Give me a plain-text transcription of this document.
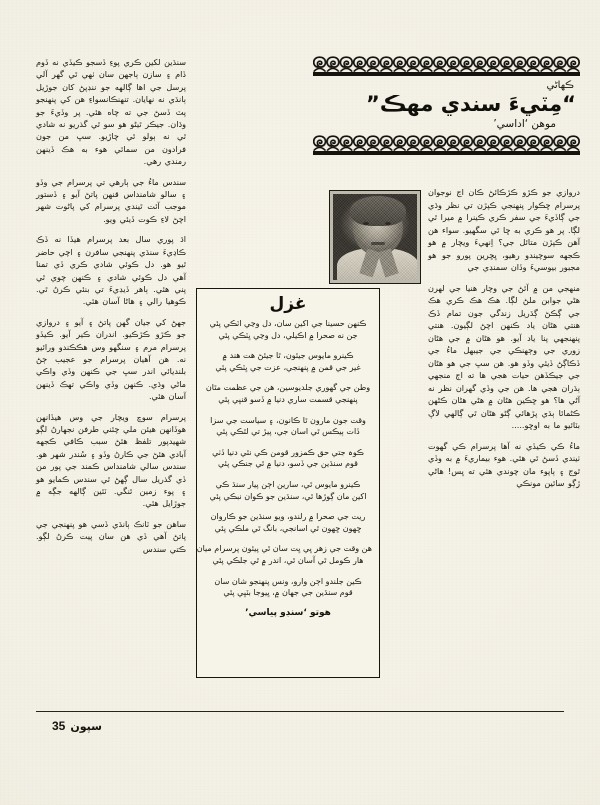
سنڌين لکين ڪري پوءِ ڏسجو ڪيڏي نه ڏوم ڏام ۽ سازن ٻاجهن سان ٺهي ٿي گهر آلي پرسل جي اها ڳالهه جو ننڊپڻ کان جوڙيل ٻانڌي نه نهايان. تنهنڪانسواءِ هن کي پنهنجو پٽ ڏسڻ جي ته چاه هئي. پر وڏيءَ جو وڌان. جيڪر ٿيڻو هو سو ٿي گذريو نه شادي ٿي نه ٻولو ٿي چاڙيو. سڀ من جون فرادون من سمائي هوء به هڪ ڏينهن رمندي رهي.

سندس ماءُ جي ٻارهي تي پرسرام جي وڏو ۽ سالو شامنداس قنهن پاتڻ آيو ۽ ڏستور موجب آئت ٿيندي پرسرام کي پاڻوت شهر اچڻ لاءِ ڪوت ڏيئي ويو.

اڌ پوري سال بعد پرسرام هيڏا نه ڏڪ ڪاڍيءَ سنڌي پنهنجي سافرن ۽ اچي حاضر ٿيو هو. دل ڪوئي شادي ڪري ڏي تمنا آهي دل ڪوئي شادي ۽ ڪنهن چوي ٿي پني هئي. ٻاهر ڏيڊيءَ تي بنئي ڪرڻ ٿي. ڪوهيا رالي ۽ هاڻا آسان هئي.

جهڻ کي جيان گهن پاتڻ ۽ آيو ۽ دروازي جو ڪڙو ڪڙڪيو. اندران ڪير آيو. ڪيڏو پرسرام مرم ۽ سنگهو وس هڪڪندو ورائيو نه. هن آهيان پرسرام جو عجيب ڄڻ بلنديائي اندر سڀ جي ڪنهن وڏي واڪي ماڻي وڌي. ڪنهن وڏي واڪي تهڪ ڏينهن آسان هئي.

پرسرام سوچ ويچار جي وس هيڏانهن هوڏانهن هيئن ملي چئني طرفن نجهارڻ لڳو شهيدپور تلفظ هئڻ سبب ڪافي ڪجهه آبادي هئڻ جي ڪارڻ وڏو ۽ سُندر شهر هو. سندس سالي شامنداس ڪمند جي پور من ڏي گذريل سال ڳهڻ ٿي سندس ڪمايو هو ۽ پوء زمين ٿنگي. ٽئين ڳالهه جڳه ۾ جوڙايل هئي.

ساهن جو ٽانڪ ٻانڌي ڏسي هو پنهنجي جي پاتڻ آهي ڏي هن سان پيت ڪرڻ لڳو. ڪتي سندس

ڪهاڻي
“مِٽيءَ سندي مهڪ”
موهن ‘اداسي’
غزل
ڪنهن حسينا جي اکين سان، دل وڃي اٽڪي پئي
جن نه صحرا ۾ اڪيلي، دل وڃي ڀٽڪي پئي
ڪينرو مايوس جيئون، ٿا جيئڻ هت هند ۾
غير جي قمن ۾ پنهنجي، عزت جي ڀٽڪي پئي
وطن جي گهوري جلديوسين، هن جي عظمت مٿان
پنهنجي قسمت ساري دنيا ۾ ڏسو قنڀي پئي
وقت جون مارون ٿا ڪانون، ۽ سياست جي سزا
ڏات ٻيڪس ٿي اسان جي، پيڙ تي لٿڪي پئي
ڪوہ جتي حق ڪمزور قومن ڪي نئي دنيا ڏٺي
قوم سنڌين جي ڏسو، دنيا ۾ ٿي جنڪي پئي
ڪينرو مايوس ٿي، سارين اڄن پيار سنڌ ڪي
اکين مان ڳوڙها ٿي، سنڌين جو ڪوان نبڪي پئي
ريت جي صحرا ۾ رلندو، ويو سنڌين جو ڪاروان
ڇهون ڇهون ٿي اسانجي، بانگ ٿي ملڪي پئي
هن وقت جي زهر ڀي ڀت سان ٿي پيئون پرسرام ميان
هار ڪومل ٿي آسان ٿي، اندر ۾ ٿي جلڪي پئي
ڪين جلندو اڄن وارو، ونس پنهنجو شان سان
قوم سنڌين جي جهان ۾، ڀيوجا بٽڀي پئي
هوتو ‘سنڊو پياسي’

دروازي جو ڪڙو ڪڙڪائڻ ڪان اڃ نوجوان پرسرام ڇڪوار پنهنجي ڪپڙن تي نظر وڌي جي ڳاڏيءَ جي سفر ڪري ڪينرا ۾ ميرا ٿي لڳا. پر هو ڪري به ڇا ٿي سگهيو. سواء هن آهن ڪپڙن متائل جي؟ اِنهيءَ ويچار ۾ هو ڪجهه سوچيندو رهيو، ڀڇرين پورو جو هو مجبور بيوسيءَ وڏان سمنڊي جي

منهجي من ۾ آئڻ جي وچار هنيا جي لهرن هڻي جوابن ملڻ لڳا. هڪ هڪ ڪري هڪ جي ڳڪڻ ڳڌريل زندگي جون تمام ڏڪ هنتي هڻان ياد ڪنهن اچڻ لڳيون. هنتي پنهنجهي پنا ياد آيو. هو هڻان ۾ جي هڻان زوري جي وڄهنڪي جي جيبهل ماءُ جي ڏڪاڳڻ ڏيئي وڏو هو. هن سڀ جي هو هڻان جي جيڪڏهن حيات هجي ها ته اڄ منجهي ٻڌران هجي ها. هن جي وڏي گهران نظر نه آڻي ها؟ هو ڇڪين هڻان ۾ هڻي هڻان ڪڻهن ڪڻمائا ٻڌي پڙهائي ڳڻو هڻان ٿي ڳالهي لاڳ بٽائيو ما به اوڇو.....

ماءُ ڪي ڪيڏي نه آها پرسرام ڪي گهوت ٺيندي ڏسڻ ٿي هئي. هوء بيماريءَ ۾ به وڏي ٿوج ۽ ٻاپوء مان چوندي هئي ته ڀس! هاڻي ڙڳو سائين مونڪي

سپون
35
